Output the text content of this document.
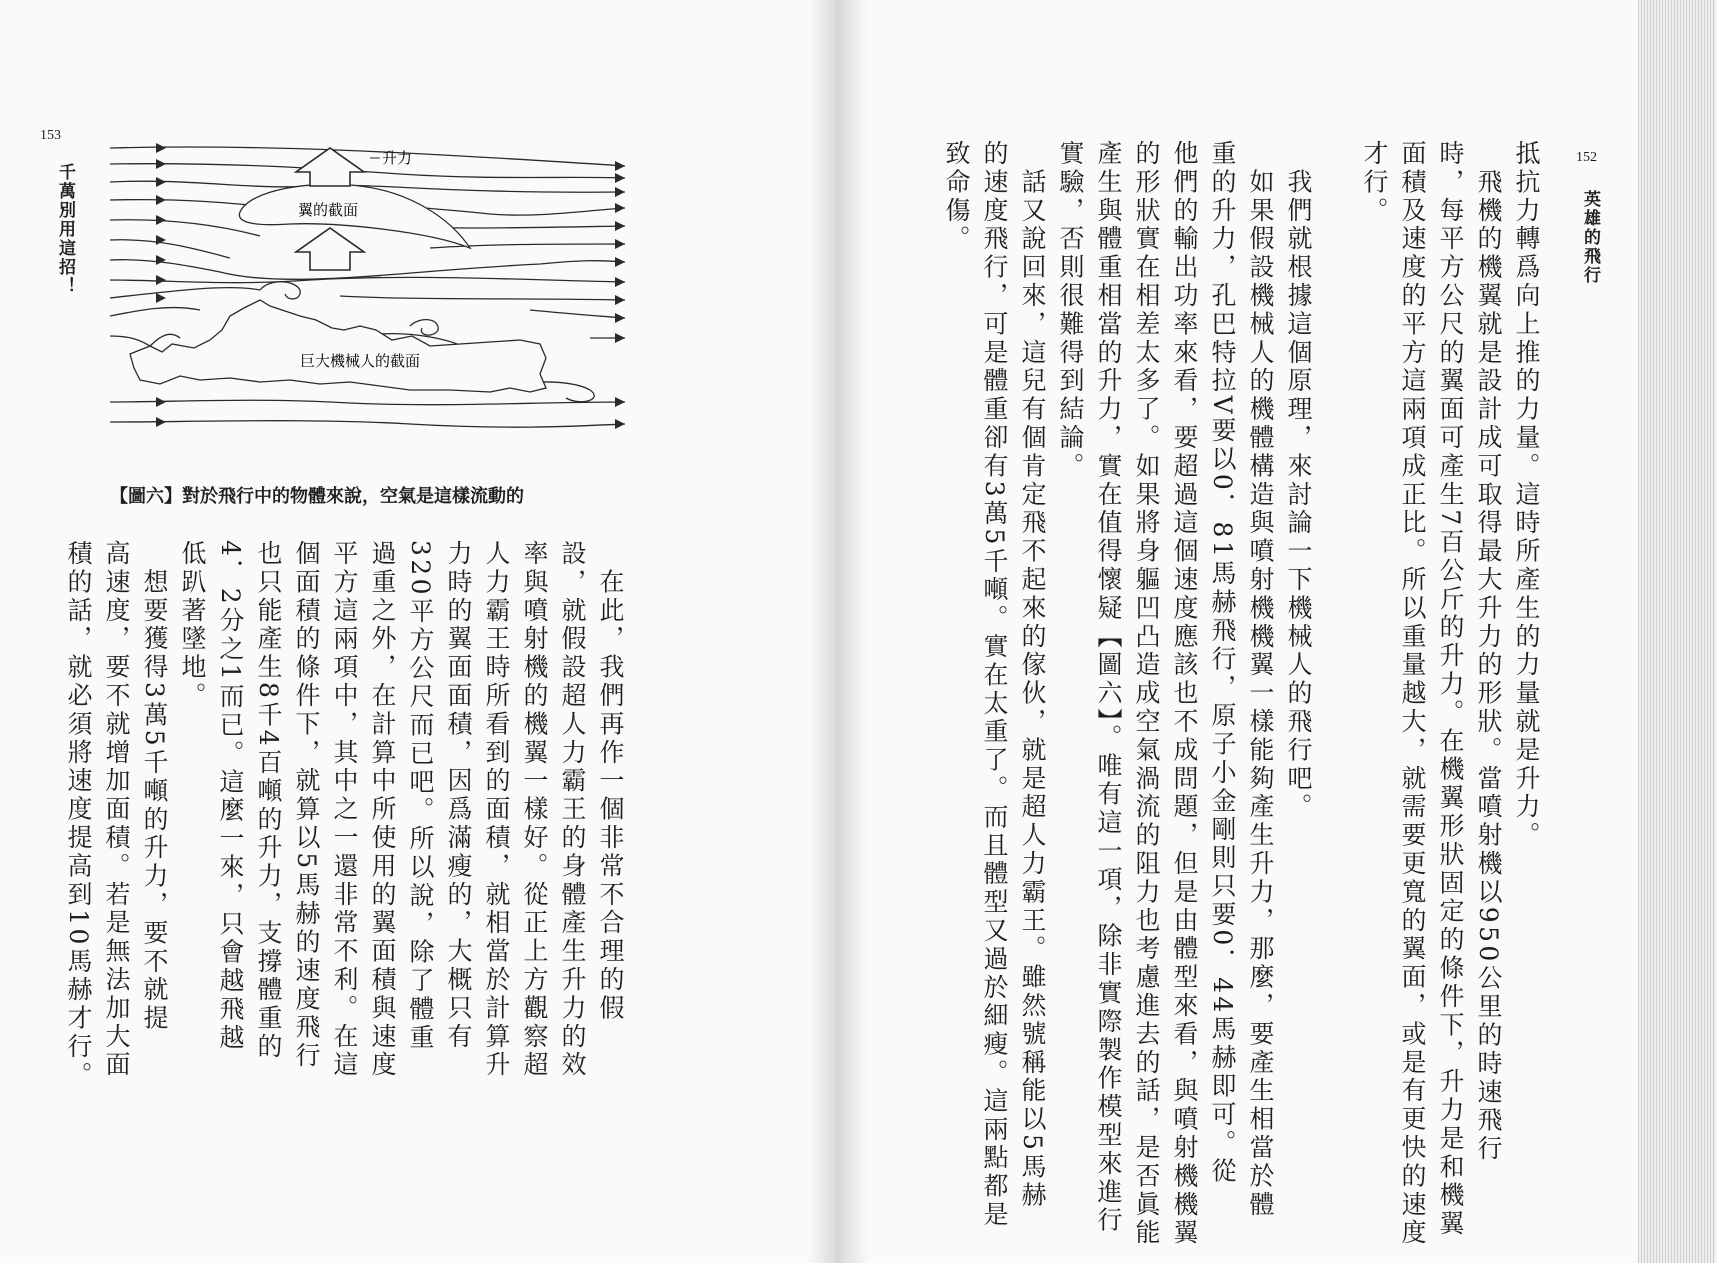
153
千萬別用這招！
升力
翼的截面
巨大機械人的截面
【圖六】對於飛行中的物體來說，空氣是這樣流動的
　在此，我們再作一個非常不合理的假
設，就假設超人力霸王的身體產生升力的效
率與噴射機的機翼一樣好。從正上方觀察超
人力霸王時所看到的面積，就相當於計算升
力時的翼面面積，因爲滿瘦的，大概只有
320平方公尺而已吧。所以說，除了體重
過重之外，在計算中所使用的翼面積與速度
平方這兩項中，其中之一還非常不利。在這
個面積的條件下，就算以5馬赫的速度飛行
也只能產生8千4百噸的升力，支撐體重的
4．2分之1而已。這麼一來，只會越飛越
低趴著墜地。
　想要獲得3萬5千噸的升力，要不就提
高速度，要不就增加面積。若是無法加大面
積的話，就必須將速度提高到10馬赫才行。
152
英雄的飛行
抵抗力轉爲向上推的力量。這時所產生的力量就是升力。
　飛機的機翼就是設計成可取得最大升力的形狀。當噴射機以950公里的時速飛行
時，每平方公尺的翼面可產生7百公斤的升力。在機翼形狀固定的條件下，升力是和機翼
面積及速度的平方這兩項成正比。所以重量越大，就需要更寬的翼面，或是有更快的速度
才行。
　我們就根據這個原理，來討論一下機械人的飛行吧。
　如果假設機械人的機體構造與噴射機機翼一樣能夠產生升力，那麼，要產生相當於體
重的升力，孔巴特拉V要以0．81馬赫飛行，原子小金剛則只要0．44馬赫即可。從
他們的輸出功率來看，要超過這個速度應該也不成問題，但是由體型來看，與噴射機機翼
的形狀實在相差太多了。如果將身軀凹凸造成空氣渦流的阻力也考慮進去的話，是否眞能
產生與體重相當的升力，實在值得懷疑【圖六】。唯有這一項，除非實際製作模型來進行
實驗，否則很難得到結論。
　話又說回來，這兒有個肯定飛不起來的傢伙，就是超人力霸王。雖然號稱能以5馬赫
的速度飛行，可是體重卻有3萬5千噸。實在太重了。而且體型又過於細瘦。這兩點都是
致命傷。
